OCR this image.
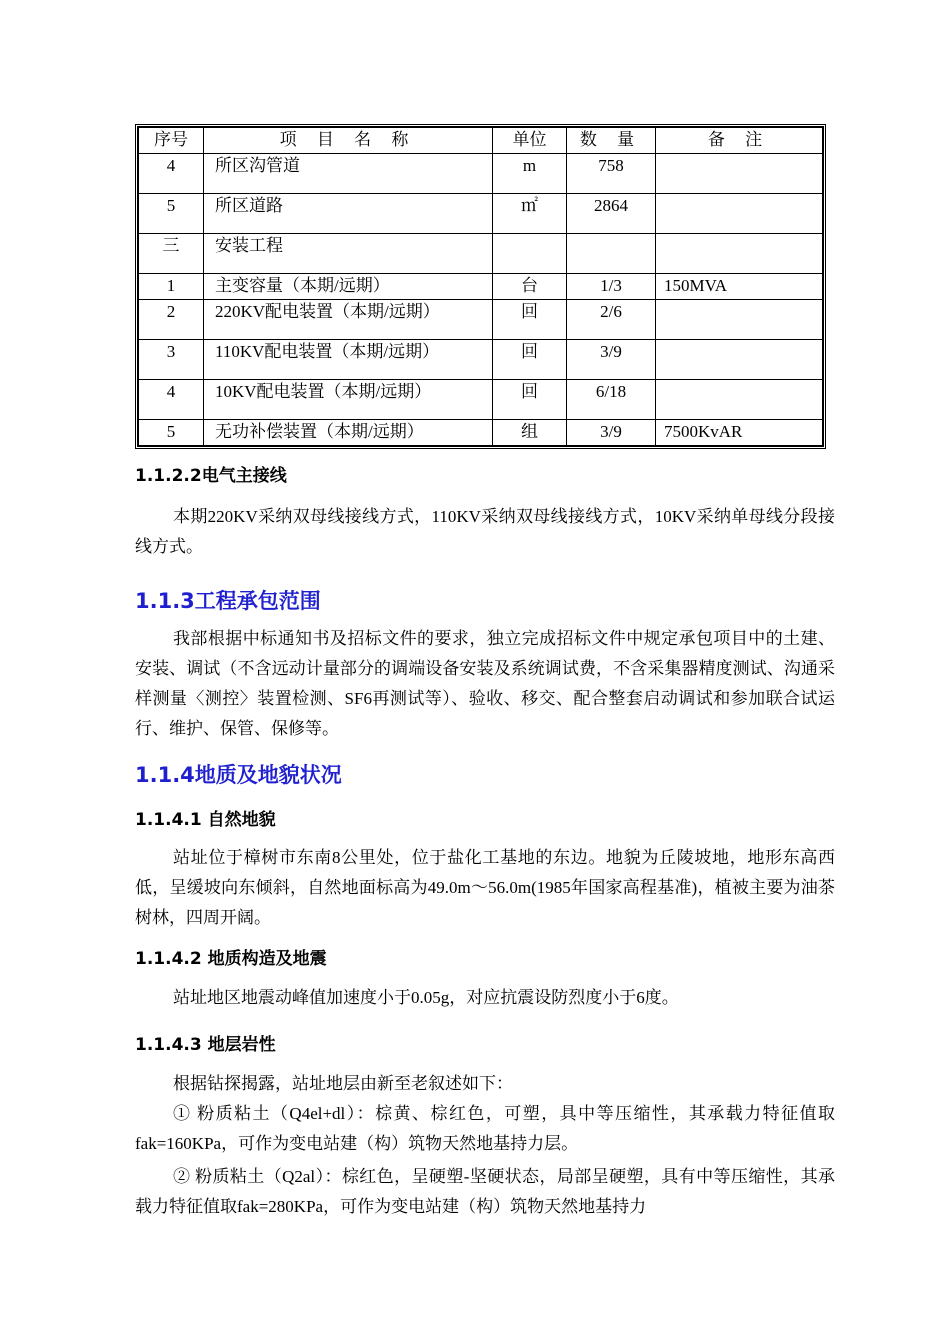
序号	项 目 名 称	单位	数 量	备 注
4	所区沟管道	m	758	
5	所区道路	㎡	2864	
三	安装工程			
1	主变容量（本期/远期）	台	1/3	150MVA
2	220KV配电装置（本期/远期）	回	2/6	
3	110KV配电装置（本期/远期）	回	3/9	
4	10KV配电装置（本期/远期）	回	6/18	
5	无功补偿装置（本期/远期）	组	3/9	7500KvAR
1.1.2.2电气主接线
本期220KV采纳双母线接线方式，110KV采纳双母线接线方式，10KV采纳单母线分段接线方式。
1.1.3工程承包范围
我部根据中标通知书及招标文件的要求，独立完成招标文件中规定承包项目中的土建、安装、调试（不含远动计量部分的调端设备安装及系统调试费，不含采集器精度测试、沟通采样测量〈测控〉装置检测、SF6再测试等）、验收、移交、配合整套启动调试和参加联合试运行、维护、保管、保修等。
1.1.4地质及地貌状况
1.1.4.1 自然地貌
站址位于樟树市东南8公里处，位于盐化工基地的东边。地貌为丘陵坡地，地形东高西低，呈缓坡向东倾斜，自然地面标高为49.0m～56.0m(1985年国家高程基准)，植被主要为油茶树林，四周开阔。
1.1.4.2 地质构造及地震
站址地区地震动峰值加速度小于0.05g，对应抗震设防烈度小于6度。
1.1.4.3 地层岩性
根据钻探揭露，站址地层由新至老叙述如下：
① 粉质粘土（Q4el+dl）：棕黄、棕红色，可塑，具中等压缩性，其承载力特征值取fak=160KPa，可作为变电站建（构）筑物天然地基持力层。
② 粉质粘土（Q2al）：棕红色，呈硬塑-坚硬状态，局部呈硬塑，具有中等压缩性，其承载力特征值取fak=280KPa，可作为变电站建（构）筑物天然地基持力
